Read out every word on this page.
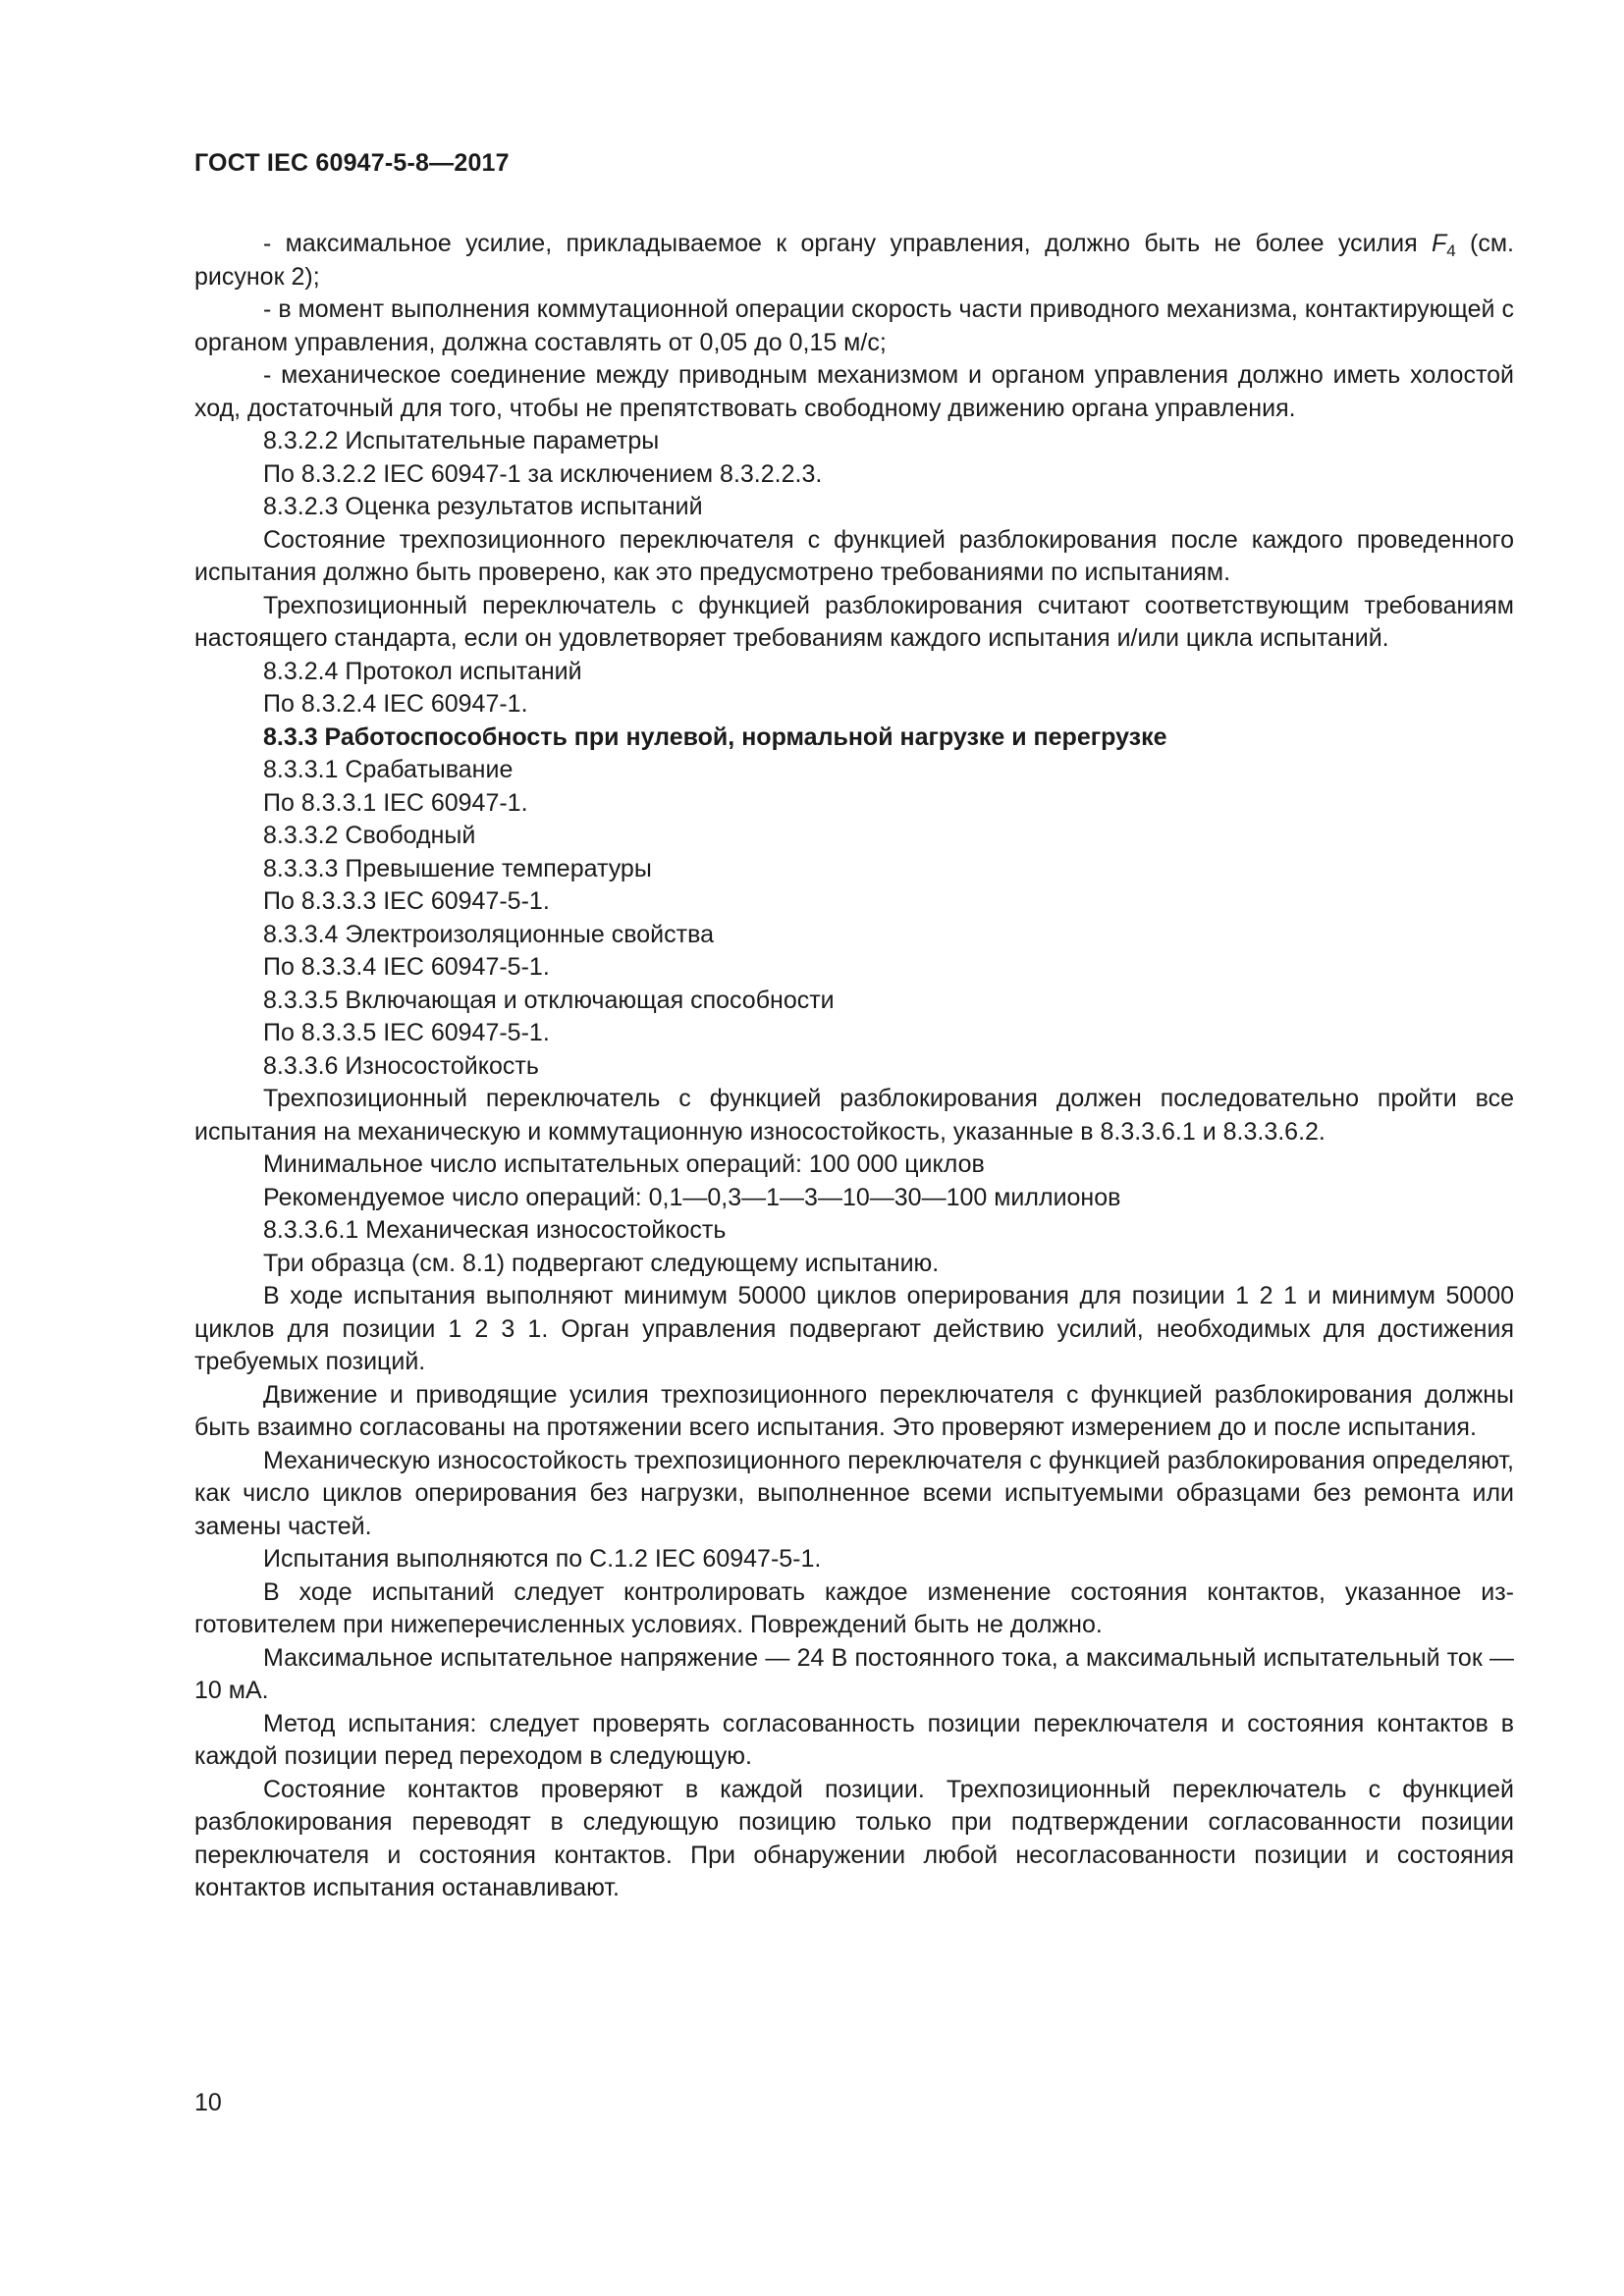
ГОСТ IEC 60947-5-8—2017

- максимальное усилие, прикладываемое к органу управления, должно быть не более усилия $F_4$ (см. рисунок 2);

- в момент выполнения коммутационной операции скорость части приводного механизма, контактирующей с органом управления, должна составлять от 0,05 до 0,15 м/с;

- механическое соединение между приводным механизмом и органом управления должно иметь холостой ход, достаточный для того, чтобы не препятствовать свободному движению органа управления.

8.3.2.2 Испытательные параметры

По 8.3.2.2 IEC 60947-1 за исключением 8.3.2.2.3.

8.3.2.3 Оценка результатов испытаний

Состояние трехпозиционного переключателя с функцией разблокирования после каждого проведенного испытания должно быть проверено, как это предусмотрено требованиями по испытаниям.

Трехпозиционный переключатель с функцией разблокирования считают соответствующим требованиям настоящего стандарта, если он удовлетворяет требованиям каждого испытания и/или цикла испытаний.

8.3.2.4 Протокол испытаний

По 8.3.2.4 IEC 60947-1.

8.3.3 Работоспособность при нулевой, нормальной нагрузке и перегрузке

8.3.3.1 Срабатывание

По 8.3.3.1 IEC 60947-1.

8.3.3.2 Свободный

8.3.3.3 Превышение температуры

По 8.3.3.3 IEC 60947-5-1.

8.3.3.4 Электроизоляционные свойства

По 8.3.3.4 IEC 60947-5-1.

8.3.3.5 Включающая и отключающая способности

По 8.3.3.5 IEC 60947-5-1.

8.3.3.6 Износостойкость

Трехпозиционный переключатель с функцией разблокирования должен последовательно пройти все испытания на механическую и коммутационную износостойкость, указанные в 8.3.3.6.1 и 8.3.3.6.2.

Минимальное число испытательных операций: 100 000 циклов

Рекомендуемое число операций: 0,1—0,3—1—3—10—30—100 миллионов

8.3.3.6.1 Механическая износостойкость

Три образца (см. 8.1) подвергают следующему испытанию.

В ходе испытания выполняют минимум 50000 циклов оперирования для позиции 1 2 1 и минимум 50000 циклов для позиции 1 2 3 1. Орган управления подвергают действию усилий, необходимых для достижения требуемых позиций.

Движение и приводящие усилия трехпозиционного переключателя с функцией разблокирования должны быть взаимно согласованы на протяжении всего испытания. Это проверяют измерением до и после испытания.

Механическую износостойкость трехпозиционного переключателя с функцией разблокирования определяют, как число циклов оперирования без нагрузки, выполненное всеми испытуемыми образцами без ремонта или замены частей.

Испытания выполняются по С.1.2 IEC 60947-5-1.

В ходе испытаний следует контролировать каждое изменение состояния контактов, указанное изготовителем при нижеперечисленных условиях. Повреждений быть не должно.

Максимальное испытательное напряжение — 24 В постоянного тока, а максимальный испытательный ток — 10 мА.

Метод испытания: следует проверять согласованность позиции переключателя и состояния контактов в каждой позиции перед переходом в следующую.

Состояние контактов проверяют в каждой позиции. Трехпозиционный переключатель с функцией разблокирования переводят в следующую позицию только при подтверждении согласованности позиции переключателя и состояния контактов. При обнаружении любой несогласованности позиции и состояния контактов испытания останавливают.

10
